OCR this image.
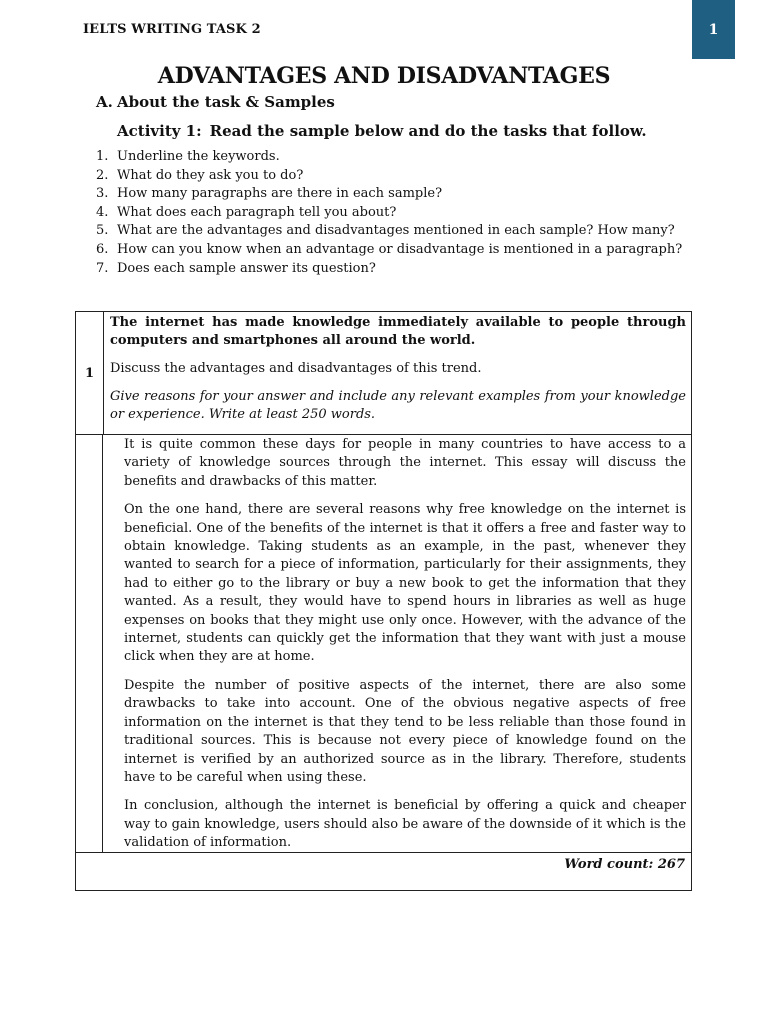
IELTS WRITING TASK 2	1
ADVANTAGES AND DISADVANTAGES
A. About the task & Samples
Activity 1: Read the sample below and do the tasks that follow.
1. Underline the keywords.
2. What do they ask you to do?
3. How many paragraphs are there in each sample?
4. What does each paragraph tell you about?
5. What are the advantages and disadvantages mentioned in each sample? How many?
6. How can you know when an advantage or disadvantage is mentioned in a paragraph?
7. Does each sample answer its question?
1

The internet has made knowledge immediately available to people through computers and smartphones all around the world.

Discuss the advantages and disadvantages of this trend.

Give reasons for your answer and include any relevant examples from your knowledge or experience. Write at least 250 words.

It is quite common these days for people in many countries to have access to a variety of knowledge sources through the internet. This essay will discuss the benefits and drawbacks of this matter.

On the one hand, there are several reasons why free knowledge on the internet is beneficial. One of the benefits of the internet is that it offers a free and faster way to obtain knowledge. Taking students as an example, in the past, whenever they wanted to search for a piece of information, particularly for their assignments, they had to either go to the library or buy a new book to get the information that they wanted. As a result, they would have to spend hours in libraries as well as huge expenses on books that they might use only once. However, with the advance of the internet, students can quickly get the information that they want with just a mouse click when they are at home.

Despite the number of positive aspects of the internet, there are also some drawbacks to take into account. One of the obvious negative aspects of free information on the internet is that they tend to be less reliable than those found in traditional sources. This is because not every piece of knowledge found on the internet is verified by an authorized source as in the library. Therefore, students have to be careful when using these.

In conclusion, although the internet is beneficial by offering a quick and cheaper way to gain knowledge, users should also be aware of the downside of it which is the validation of information.

Word count: 267
